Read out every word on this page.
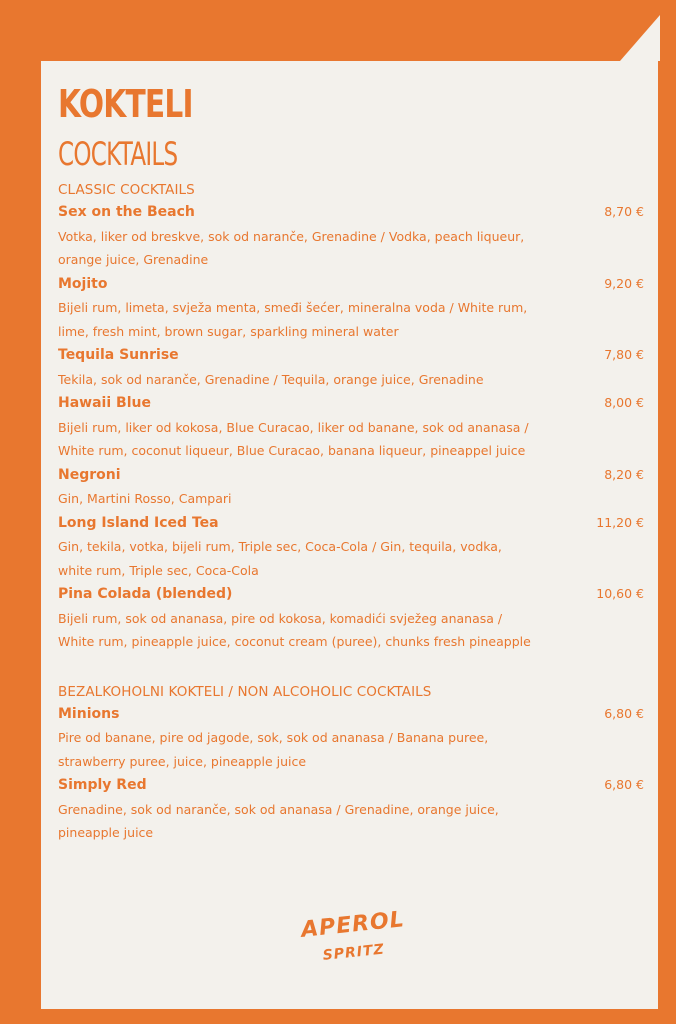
KOKTELI
COCKTAILS
CLASSIC COCKTAILS
Sex on the Beach	8,70 €
Votka, liker od breskve, sok od naranče, Grenadine / Vodka, peach liqueur, orange juice, Grenadine
Mojito	9,20 €
Bijeli rum, limeta, svježa menta, smeđi šećer, mineralna voda / White rum, lime, fresh mint, brown sugar, sparkling mineral water
Tequila Sunrise	7,80 €
Tekila, sok od naranče, Grenadine / Tequila, orange juice, Grenadine
Hawaii Blue	8,00 €
Bijeli rum, liker od kokosa, Blue Curacao, liker od banane, sok od ananasa / White rum, coconut liqueur, Blue Curacao, banana liqueur, pineappel juice
Negroni	8,20 €
Gin, Martini Rosso, Campari
Long Island Iced Tea	11,20 €
Gin, tekila, votka, bijeli rum, Triple sec, Coca-Cola / Gin, tequila, vodka, white rum, Triple sec, Coca-Cola
Pina Colada (blended)	10,60 €
Bijeli rum, sok od ananasa, pire od kokosa, komadići svježeg ananasa / White rum, pineapple juice, coconut cream (puree), chunks fresh pineapple
BEZALKOHOLNI KOKTELI / NON ALCOHOLIC COCKTAILS
Minions	6,80 €
Pire od banane, pire od jagode, sok, sok od ananasa / Banana puree, strawberry puree, juice, pineapple juice
Simply Red	6,80 €
Grenadine, sok od naranče, sok od ananasa / Grenadine, orange juice, pineapple juice
APEROL
SPRITZ
